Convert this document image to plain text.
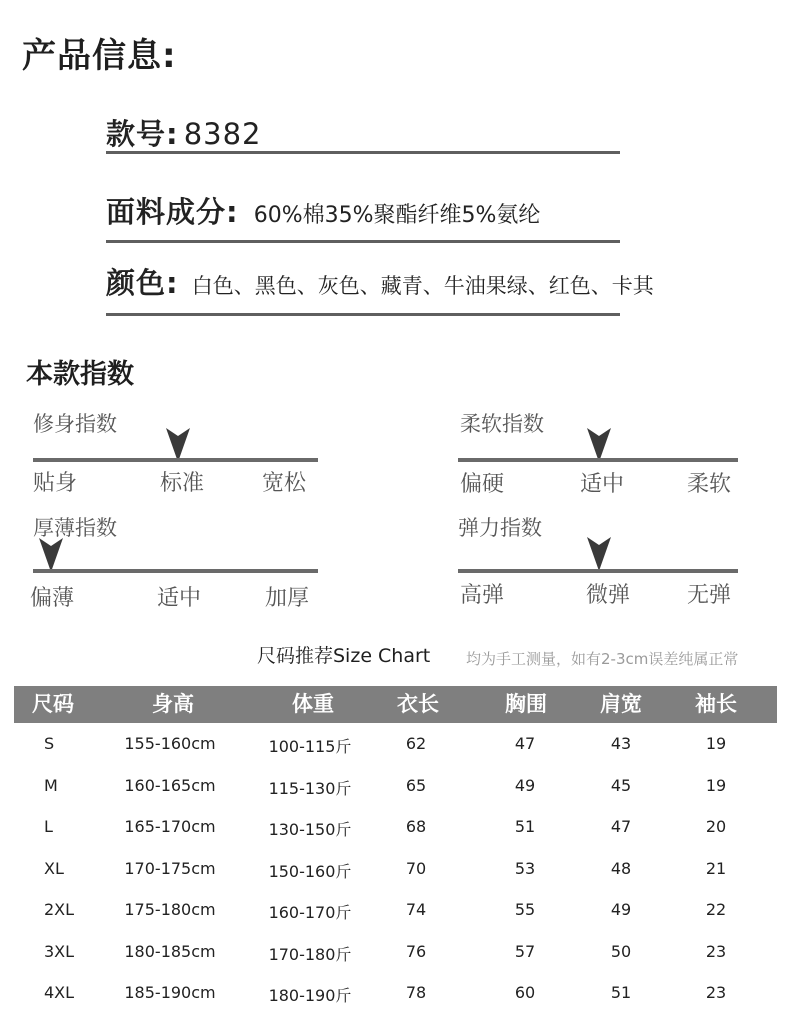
产品信息:
款号: 8382
面料成分: 60%棉35%聚酯纤维5%氨纶
颜色: 白色、黑色、灰色、藏青、牛油果绿、红色、卡其
本款指数
修身指数
贴身	标准	宽松
柔软指数
偏硬	适中	柔软
厚薄指数
偏薄	适中	加厚
弹力指数
高弹	微弹	无弹
尺码推荐Size Chart 均为手工测量，如有2-3cm误差纯属正常
尺码	身高	体重	衣长	胸围	肩宽	袖长
S	155-160cm	100-115斤	62	47	43	19
M	160-165cm	115-130斤	65	49	45	19
L	165-170cm	130-150斤	68	51	47	20
XL	170-175cm	150-160斤	70	53	48	21
2XL	175-180cm	160-170斤	74	55	49	22
3XL	180-185cm	170-180斤	76	57	50	23
4XL	185-190cm	180-190斤	78	60	51	23
